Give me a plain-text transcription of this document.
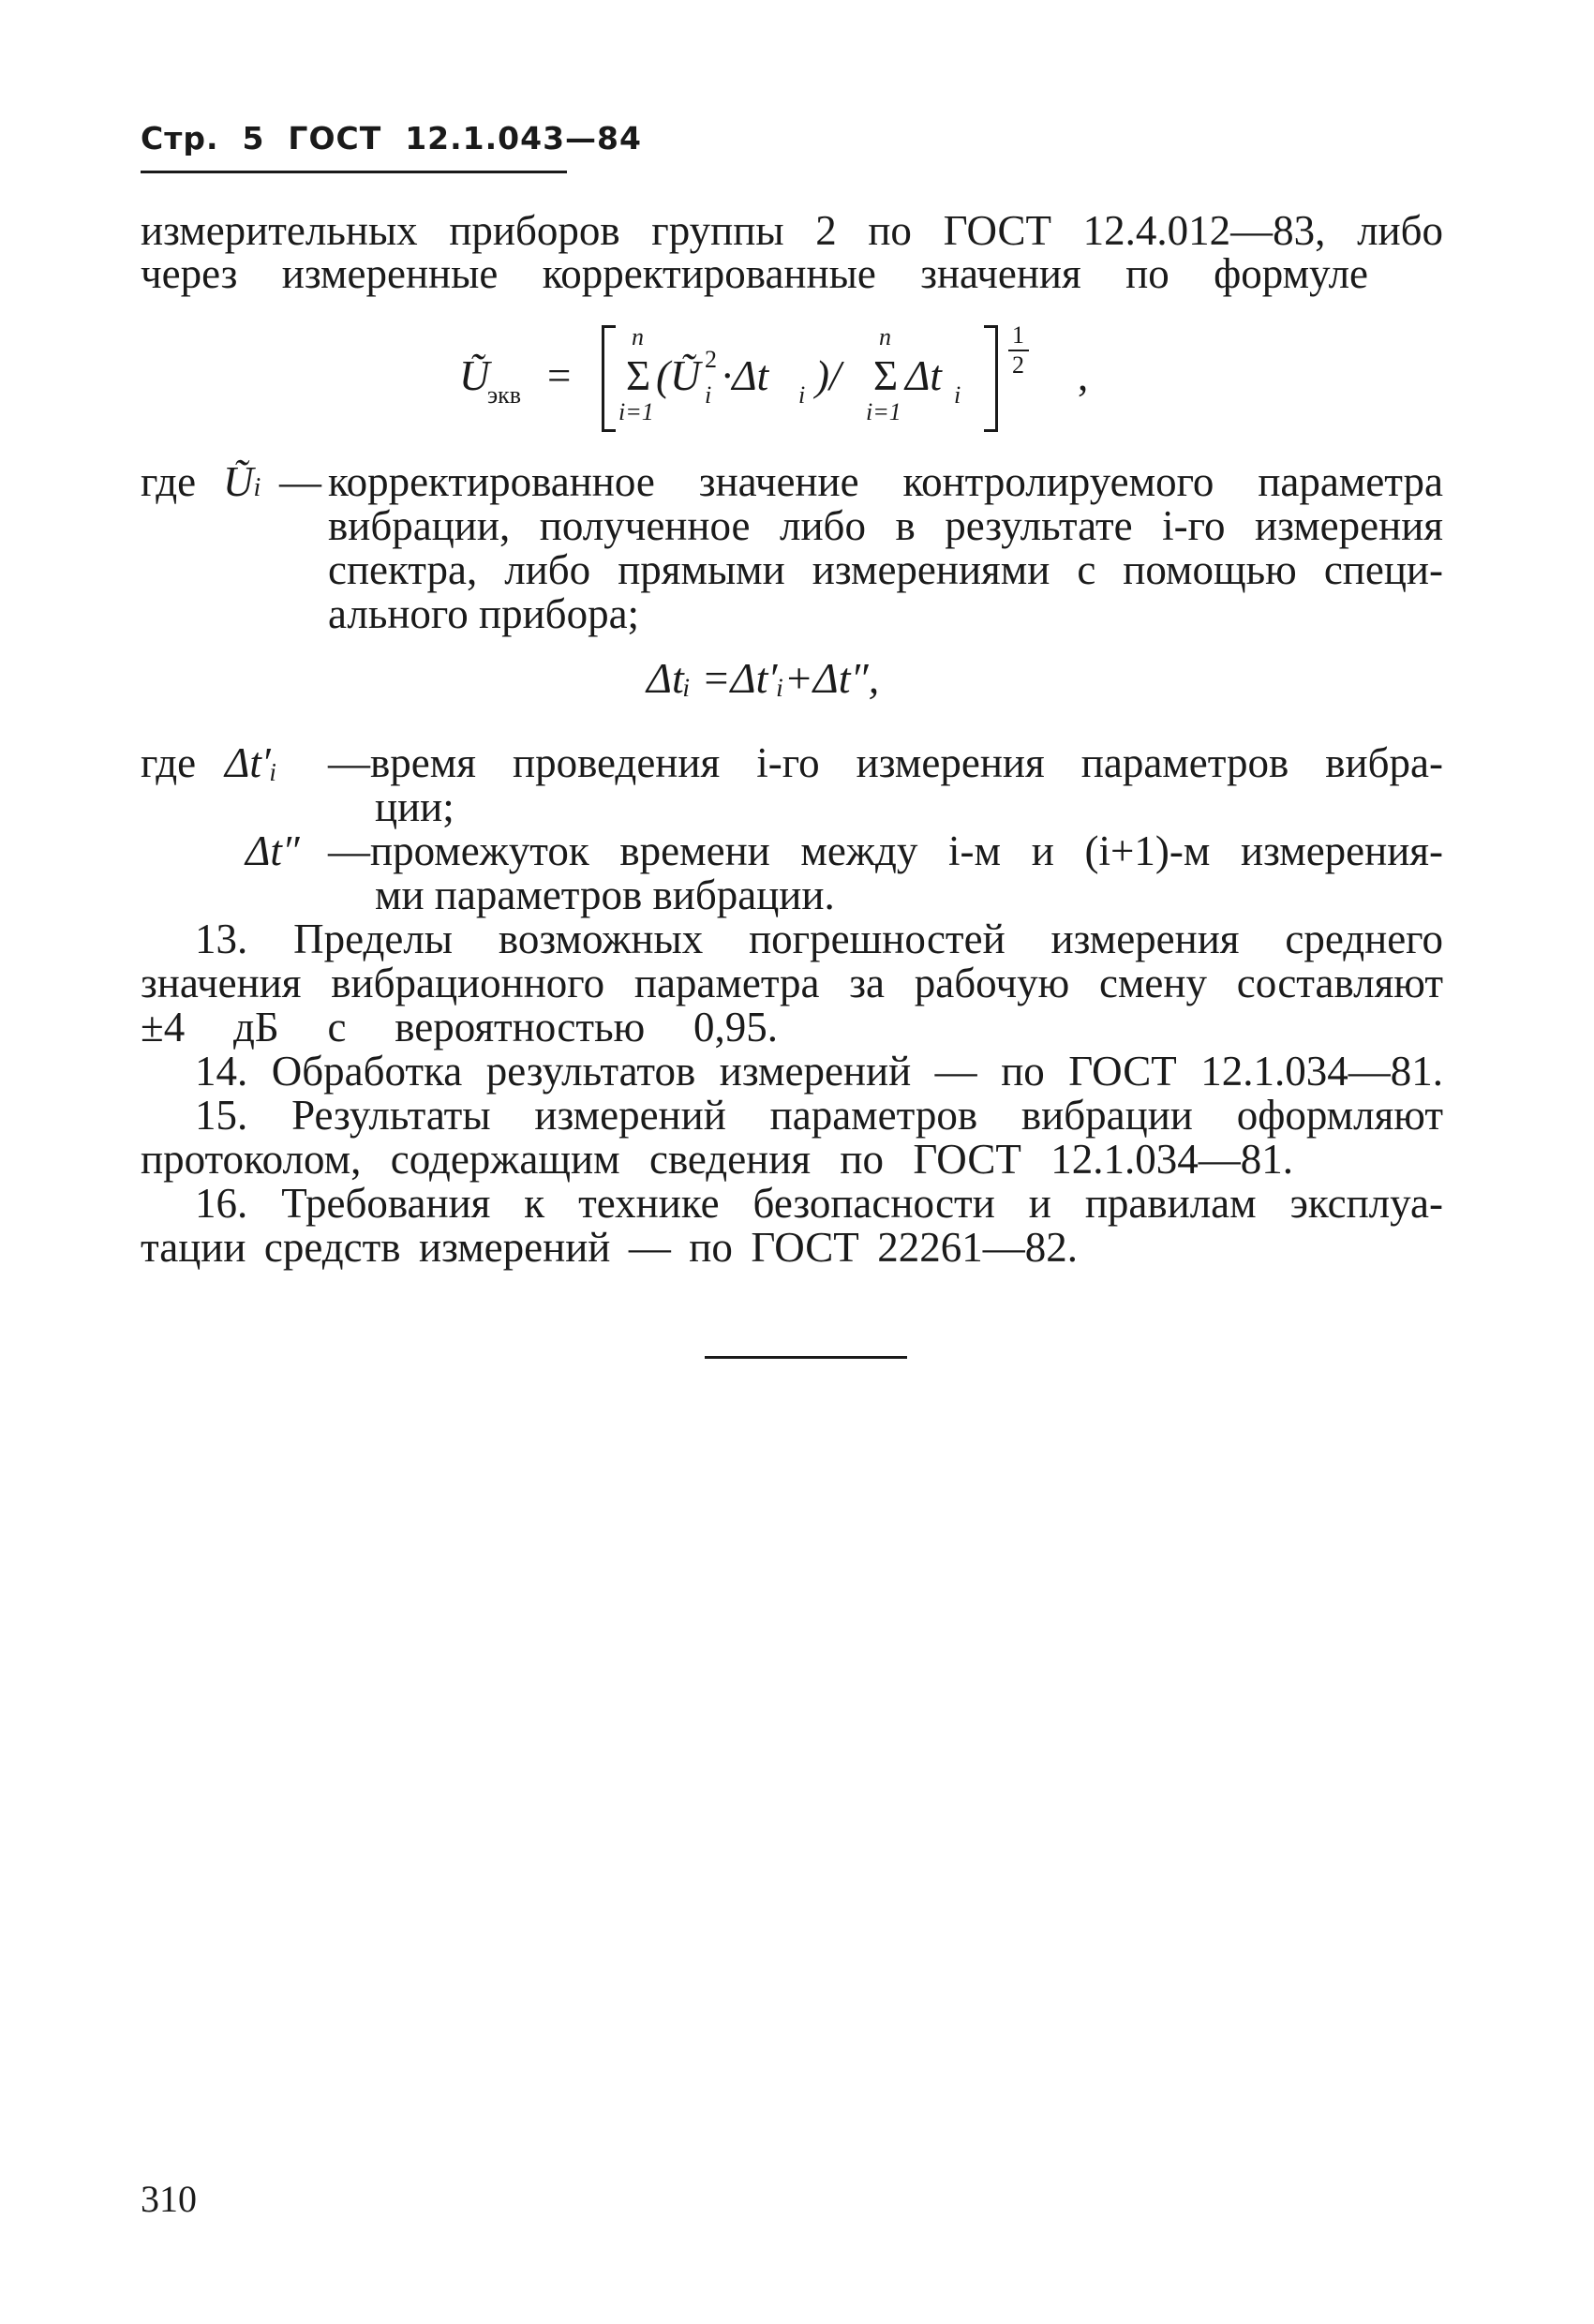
Стр.  5  ГОСТ  12.1.043—84
измерительных приборов группы 2 по ГОСТ 12.4.012—83, либо
через измеренные корректированные значения по формуле
Ũ
экв =
n
Σ
i=1
(Ũ 2
i ·Δt i )/
n
Σ
i=1
Δt i
1
2 ,
где Ũi — корректированное значение контролируемого параметра
вибрации, полученное либо в результате i-го измерения
спектра, либо прямыми измерениями с помощью специ-
ального прибора;
Δtᵢ =Δt′ᵢ+Δt″,
где Δt′ᵢ —время проведения i-го измерения параметров вибра-
ции;
Δt″ —промежуток времени между i-м и (i+1)-м измерения-
ми параметров вибрации.
13. Пределы возможных погрешностей измерения среднего
значения вибрационного параметра за рабочую смену составляют
±4 дБ с вероятностью 0,95.
14. Обработка результатов измерений — по ГОСТ 12.1.034—81.
15. Результаты измерений параметров вибрации оформляют
протоколом, содержащим сведения по ГОСТ 12.1.034—81.
16. Требования к технике безопасности и правилам эксплуа-
тации средств измерений — по ГОСТ 22261—82.
310
